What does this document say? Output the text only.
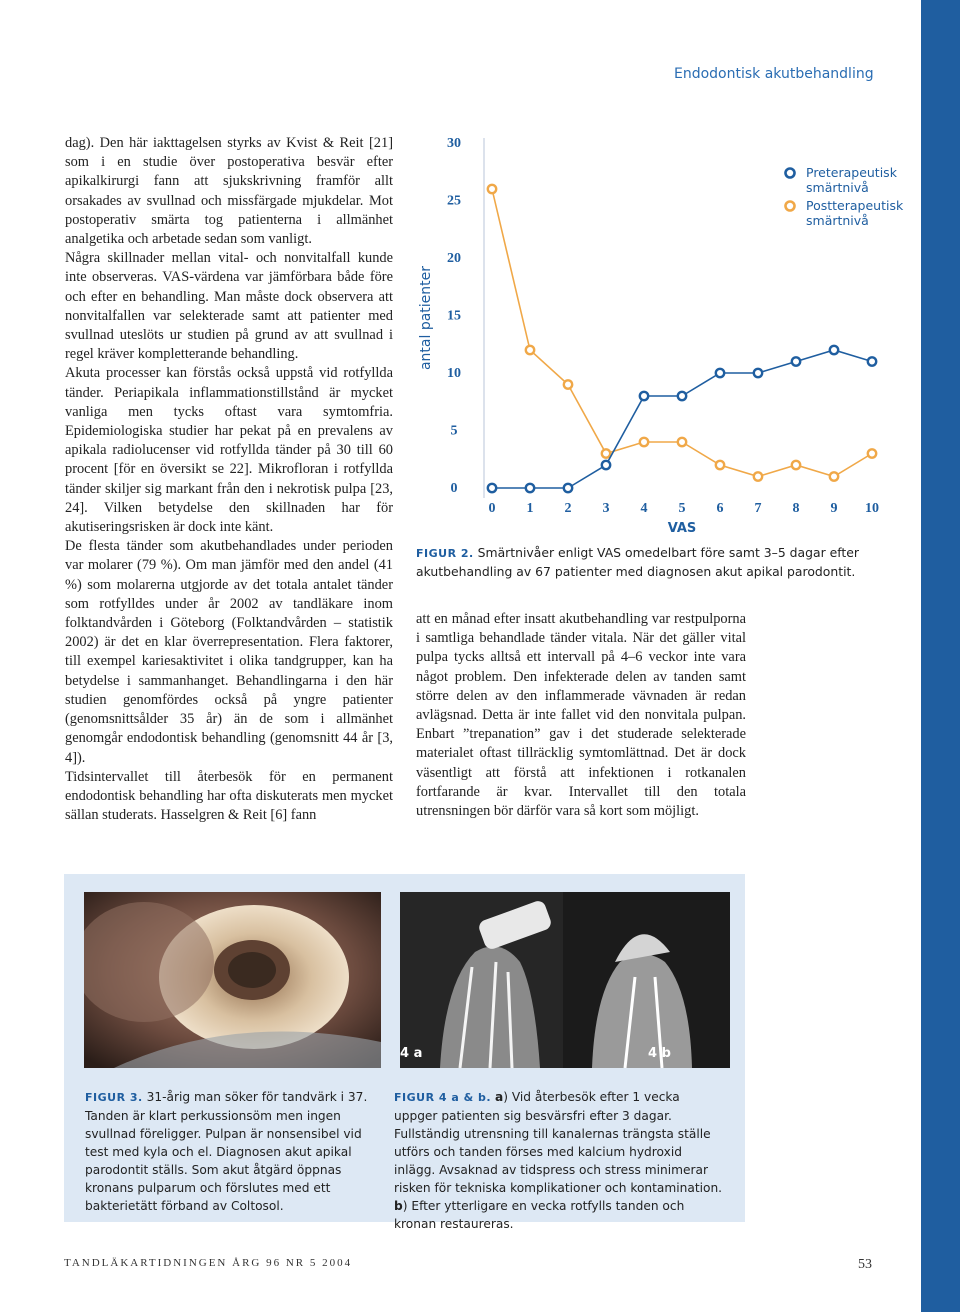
Endodontisk akutbehandling

dag). Den här iakttagelsen styrks av Kvist & Reit [21] som i en studie över postoperativa besvär efter apikalkirurgi fann att sjukskrivning framför allt orsakades av svullnad och missfärgade mjukdelar. Mot postoperativ smärta tog patienterna i allmänhet analgetika och arbetade sedan som vanligt.

Några skillnader mellan vital- och nonvitalfall kunde inte observeras. VAS-värdena var jämförbara både före och efter en behandling. Man måste dock observera att nonvitalfallen var selekterade samt att patienter med svullnad uteslöts ur studien på grund av att svullnad i regel kräver kompletterande behandling.

Akuta processer kan förstås också uppstå vid rotfyllda tänder. Periapikala inflammationstillstånd är mycket vanliga men tycks oftast vara symtomfria. Epidemiologiska studier har pekat på en prevalens av apikala radiolucenser vid rotfyllda tänder på 30 till 60 procent [för en översikt se 22]. Mikrofloran i rotfyllda tänder skiljer sig markant från den i nekrotisk pulpa [23, 24]. Vilken betydelse den skillnaden har för akutiseringsrisken är dock inte känt.

De flesta tänder som akutbehandlades under perioden var molarer (79 %). Om man jämför med den andel (41 %) som molarerna utgjorde av det totala antalet tänder som rotfylldes under år 2002 av tandläkare inom folktandvården i Göteborg (Folktandvården – statistik 2002) är det en klar överrepresentation. Flera faktorer, till exempel kariesaktivitet i olika tandgrupper, kan ha betydelse i sammanhanget. Behandlingarna i den här studien genomfördes också på yngre patienter (genomsnittsålder 35 år) än de som i allmänhet genomgår endodontisk behandling (genomsnitt 44 år [3, 4]).

Tidsintervallet till återbesök för en permanent endodontisk behandling har ofta diskuterats men mycket sällan studerats. Hasselgren & Reit [6] fann

antal patienter
30
25
20
15
10
5
0
0 1 2 3 4 5 6 7 8 9 10
VAS
Preterapeutisk
smärtnivå
Postterapeutisk
smärtnivå
FIGUR 2. Smärtnivåer enligt VAS omedelbart före samt 3–5 dagar efter akutbehandling av 67 patienter med diagnosen akut apikal parodontit.

att en månad efter insatt akutbehandling var restpulporna i samtliga behandlade tänder vitala. När det gäller vital pulpa tycks alltså ett intervall på 4–6 veckor inte vara något problem. Den infekterade delen av tanden samt större delen av den inflammerade vävnaden är redan avlägsnad. Detta är inte fallet vid den nonvitala pulpan. Enbart ”trepanation” gav i det studerade selekterade materialet oftast tillräcklig symtomlättnad. Det är dock väsentligt att förstå att infektionen i rotkanalen fortfarande är kvar. Intervallet till den totala utrensningen bör därför vara så kort som möjligt.

4 a	4 b
FIGUR 3. 31-årig man söker för tandvärk i 37. Tanden är klart perkussionsöm men ingen svullnad föreligger. Pulpan är nonsensibel vid test med kyla och el. Diagnosen akut apikal parodontit ställs. Som akut åtgärd öppnas kronans pulparum och förslutes med ett bakterietätt förband av Coltosol.
FIGUR 4 a & b. a) Vid återbesök efter 1 vecka uppger patienten sig besvärsfri efter 3 dagar. Fullständig utrensning till kanalernas trängsta ställe utförs och tanden förses med kalcium hydroxid inlägg. Avsaknad av tidspress och stress minimerar risken för tekniska komplikationer och kontamination. b) Efter ytterligare en vecka rotfylls tanden och kronan restaureras.
TANDLÄKARTIDNINGEN ÅRG 96 NR 5 2004	53
